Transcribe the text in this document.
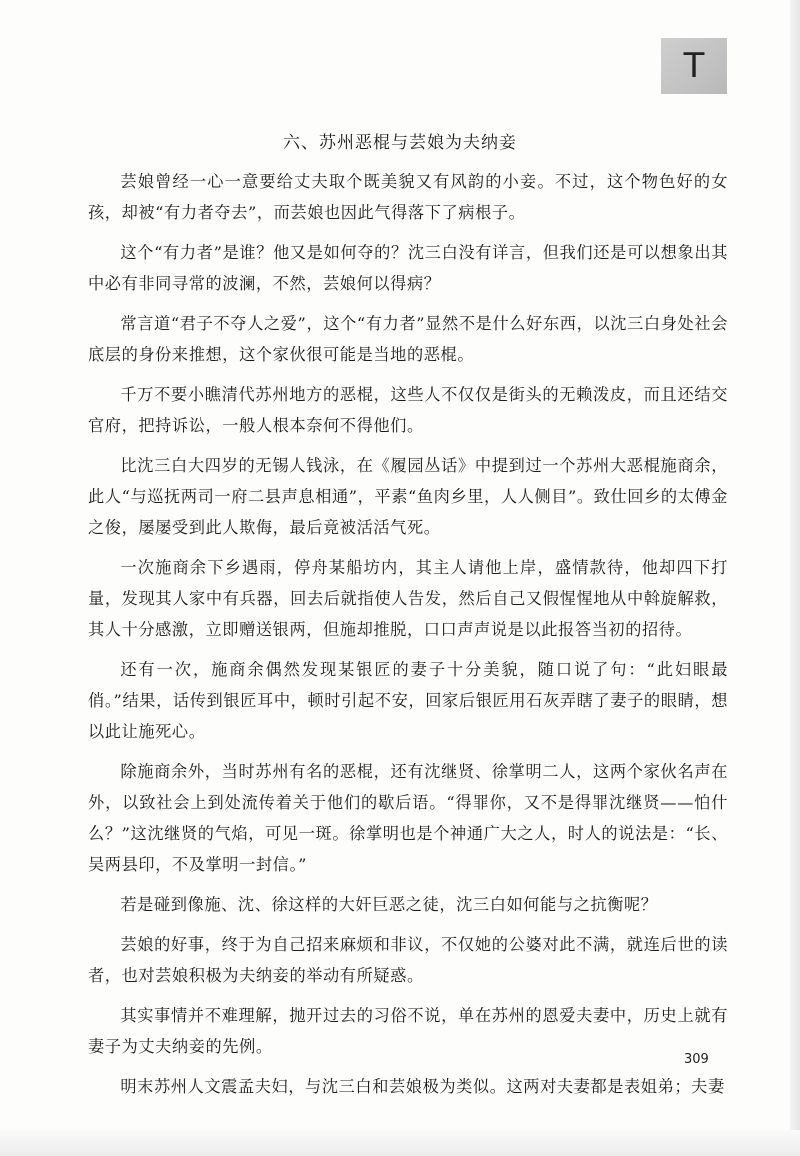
T
六、苏州恶棍与芸娘为夫纳妾

芸娘曾经一心一意要给丈夫取个既美貌又有风韵的小妾。不过，这个物色好的女孩，却被“有力者夺去”，而芸娘也因此气得落下了病根子。

这个“有力者”是谁？他又是如何夺的？沈三白没有详言，但我们还是可以想象出其中必有非同寻常的波澜，不然，芸娘何以得病？

常言道“君子不夺人之爱”，这个“有力者”显然不是什么好东西，以沈三白身处社会底层的身份来推想，这个家伙很可能是当地的恶棍。

千万不要小瞧清代苏州地方的恶棍，这些人不仅仅是街头的无赖泼皮，而且还结交官府，把持诉讼，一般人根本奈何不得他们。

比沈三白大四岁的无锡人钱泳，在《履园丛话》中提到过一个苏州大恶棍施商余，此人“与巡抚两司一府二县声息相通”，平素“鱼肉乡里，人人侧目”。致仕回乡的太傅金之俊，屡屡受到此人欺侮，最后竟被活活气死。

一次施商余下乡遇雨，停舟某船坊内，其主人请他上岸，盛情款待，他却四下打量，发现其人家中有兵器，回去后就指使人告发，然后自己又假惺惺地从中斡旋解救，其人十分感激，立即赠送银两，但施却推脱，口口声声说是以此报答当初的招待。

还有一次，施商余偶然发现某银匠的妻子十分美貌，随口说了句：“此妇眼最俏。”结果，话传到银匠耳中，顿时引起不安，回家后银匠用石灰弄瞎了妻子的眼睛，想以此让施死心。

除施商余外，当时苏州有名的恶棍，还有沈继贤、徐掌明二人，这两个家伙名声在外，以致社会上到处流传着关于他们的歇后语。“得罪你，又不是得罪沈继贤——怕什么？”这沈继贤的气焰，可见一斑。徐掌明也是个神通广大之人，时人的说法是：“长、吴两县印，不及掌明一封信。”

若是碰到像施、沈、徐这样的大奸巨恶之徒，沈三白如何能与之抗衡呢？

芸娘的好事，终于为自己招来麻烦和非议，不仅她的公婆对此不满，就连后世的读者，也对芸娘积极为夫纳妾的举动有所疑惑。

其实事情并不难理解，抛开过去的习俗不说，单在苏州的恩爱夫妻中，历史上就有妻子为丈夫纳妾的先例。

明末苏州人文震孟夫妇，与沈三白和芸娘极为类似。这两对夫妻都是表姐弟；夫妻

309
